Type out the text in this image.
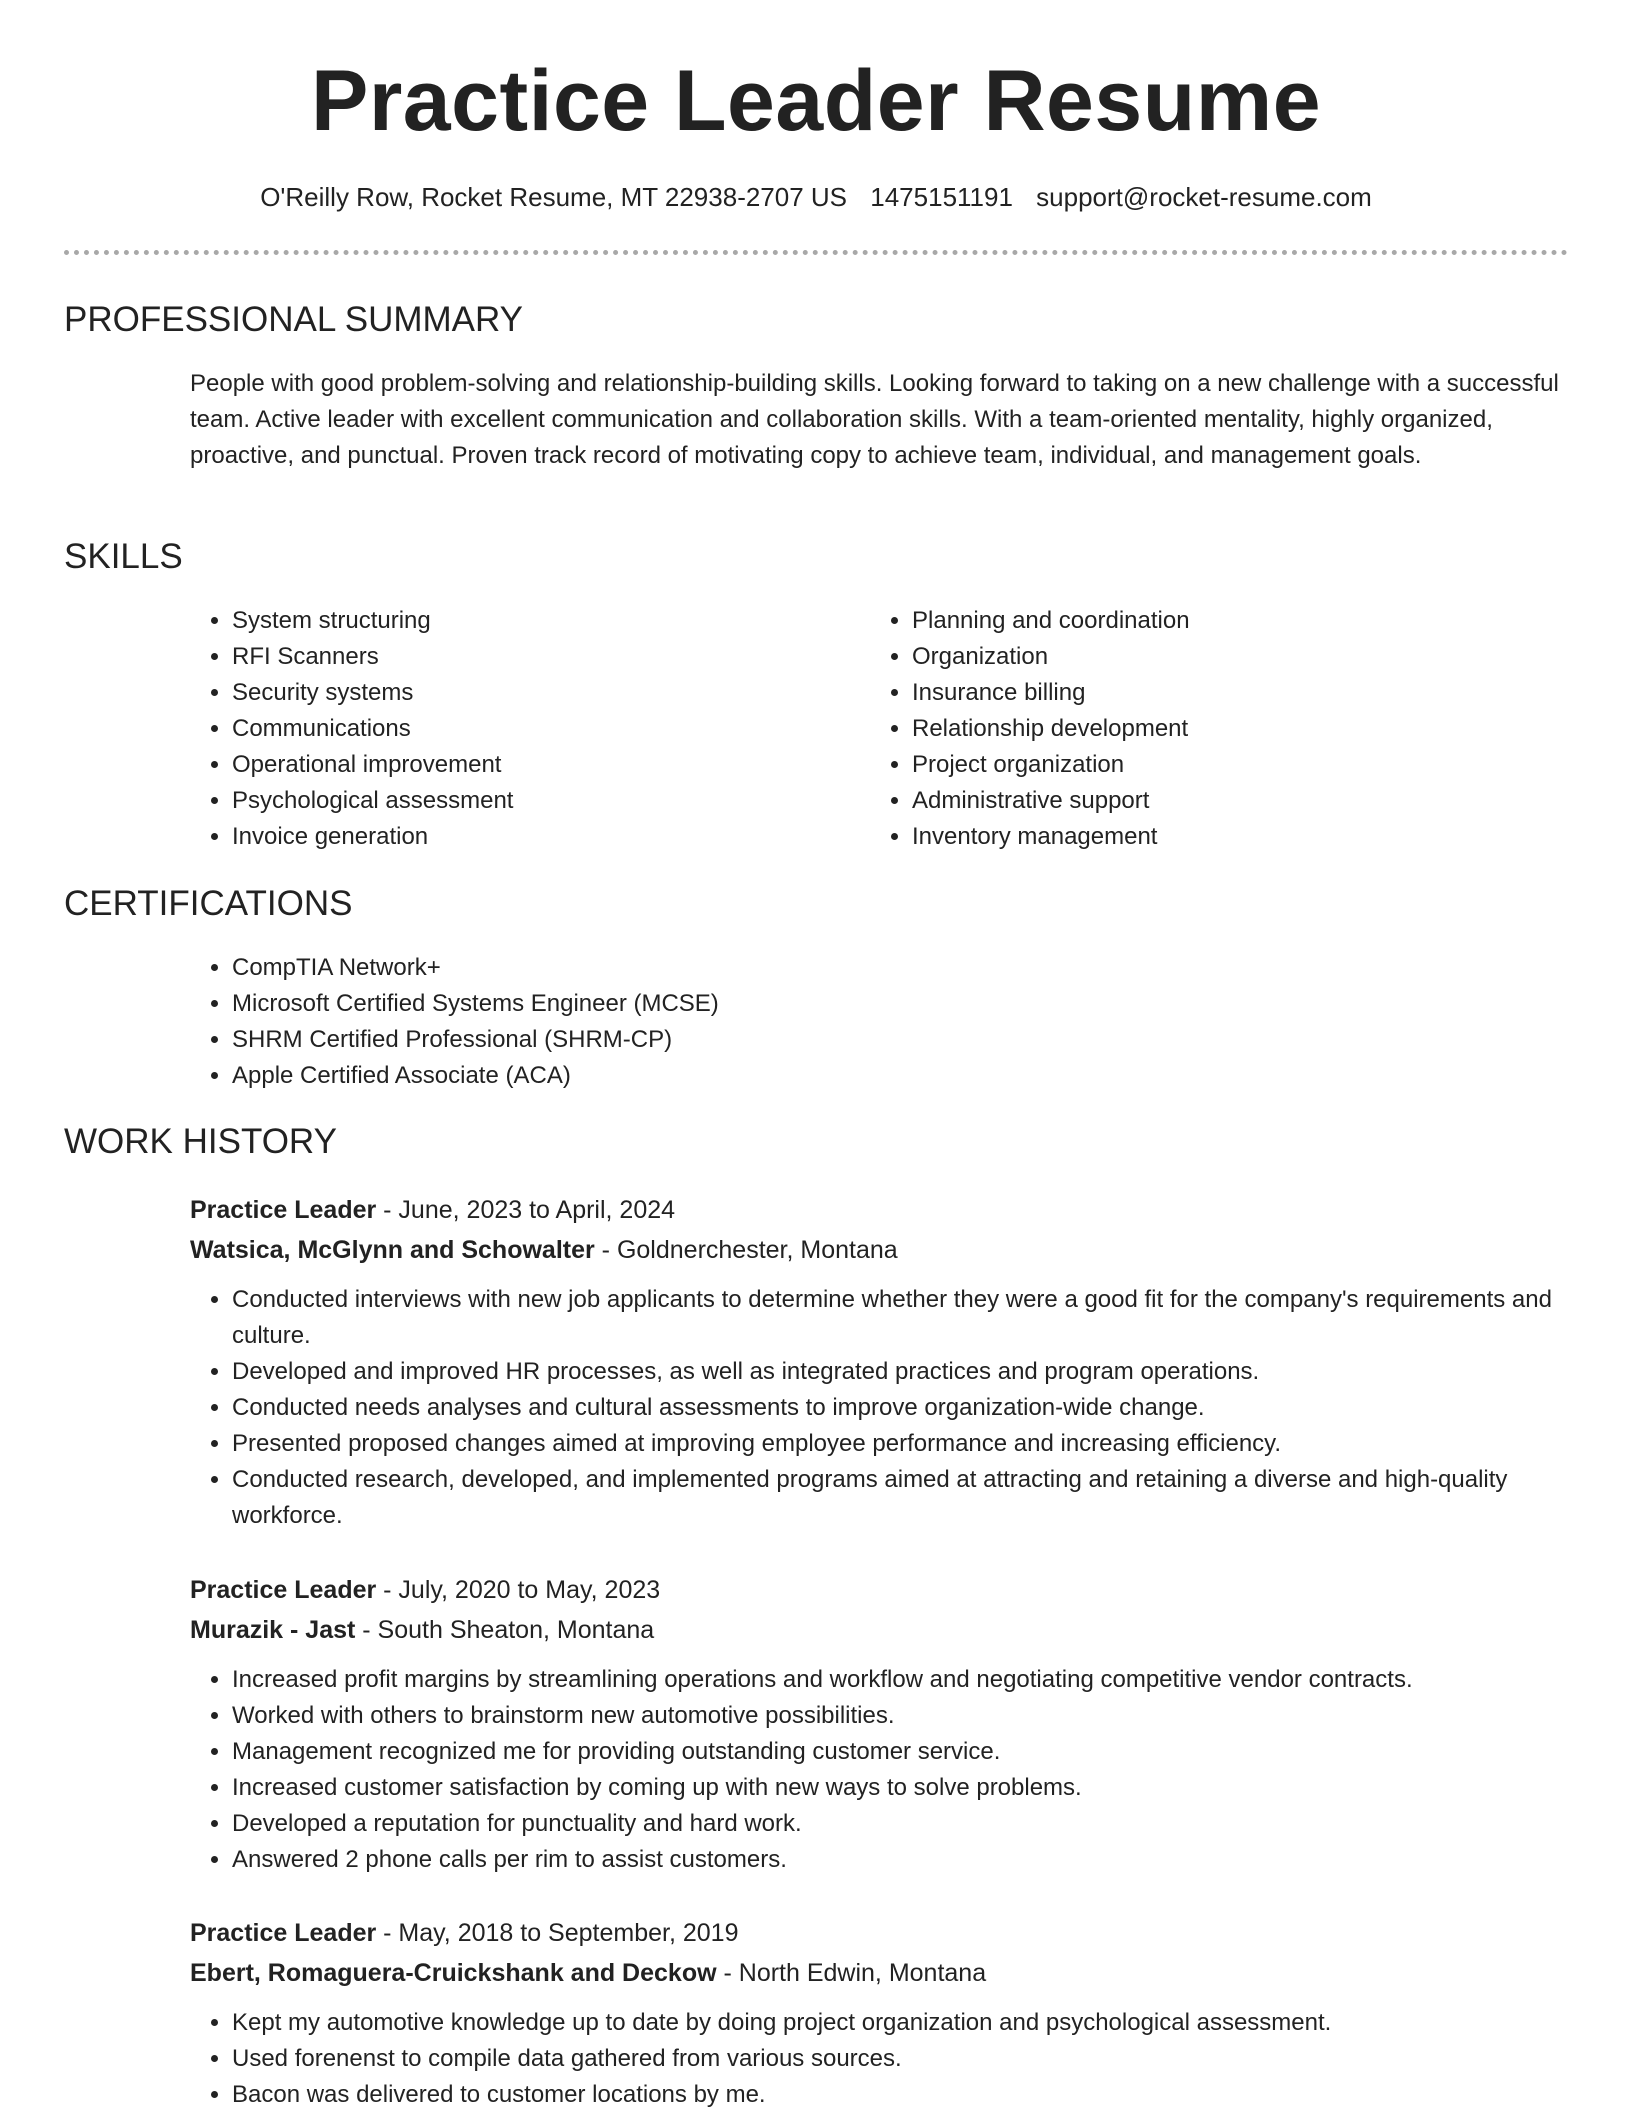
Practice Leader Resume
O'Reilly Row, Rocket Resume, MT 22938-2707 US 1475151191 support@rocket-resume.com
PROFESSIONAL SUMMARY

People with good problem-solving and relationship-building skills. Looking forward to taking on a new challenge with a successful team. Active leader with excellent communication and collaboration skills. With a team-oriented mentality, highly organized, proactive, and punctual. Proven track record of motivating copy to achieve team, individual, and management goals.

SKILLS
• System structuring
• RFI Scanners
• Security systems
• Communications
• Operational improvement
• Psychological assessment
• Invoice generation
• Planning and coordination
• Organization
• Insurance billing
• Relationship development
• Project organization
• Administrative support
• Inventory management
CERTIFICATIONS
• CompTIA Network+
• Microsoft Certified Systems Engineer (MCSE)
• SHRM Certified Professional (SHRM-CP)
• Apple Certified Associate (ACA)
WORK HISTORY
Practice Leader - June, 2023 to April, 2024
Watsica, McGlynn and Schowalter - Goldnerchester, Montana
• Conducted interviews with new job applicants to determine whether they were a good fit for the company's requirements and culture.
• Developed and improved HR processes, as well as integrated practices and program operations.
• Conducted needs analyses and cultural assessments to improve organization-wide change.
• Presented proposed changes aimed at improving employee performance and increasing efficiency.
• Conducted research, developed, and implemented programs aimed at attracting and retaining a diverse and high-quality workforce.
Practice Leader - July, 2020 to May, 2023
Murazik - Jast - South Sheaton, Montana
• Increased profit margins by streamlining operations and workflow and negotiating competitive vendor contracts.
• Worked with others to brainstorm new automotive possibilities.
• Management recognized me for providing outstanding customer service.
• Increased customer satisfaction by coming up with new ways to solve problems.
• Developed a reputation for punctuality and hard work.
• Answered 2 phone calls per rim to assist customers.
Practice Leader - May, 2018 to September, 2019
Ebert, Romaguera-Cruickshank and Deckow - North Edwin, Montana
• Kept my automotive knowledge up to date by doing project organization and psychological assessment.
• Used forenenst to compile data gathered from various sources.
• Bacon was delivered to customer locations by me.
